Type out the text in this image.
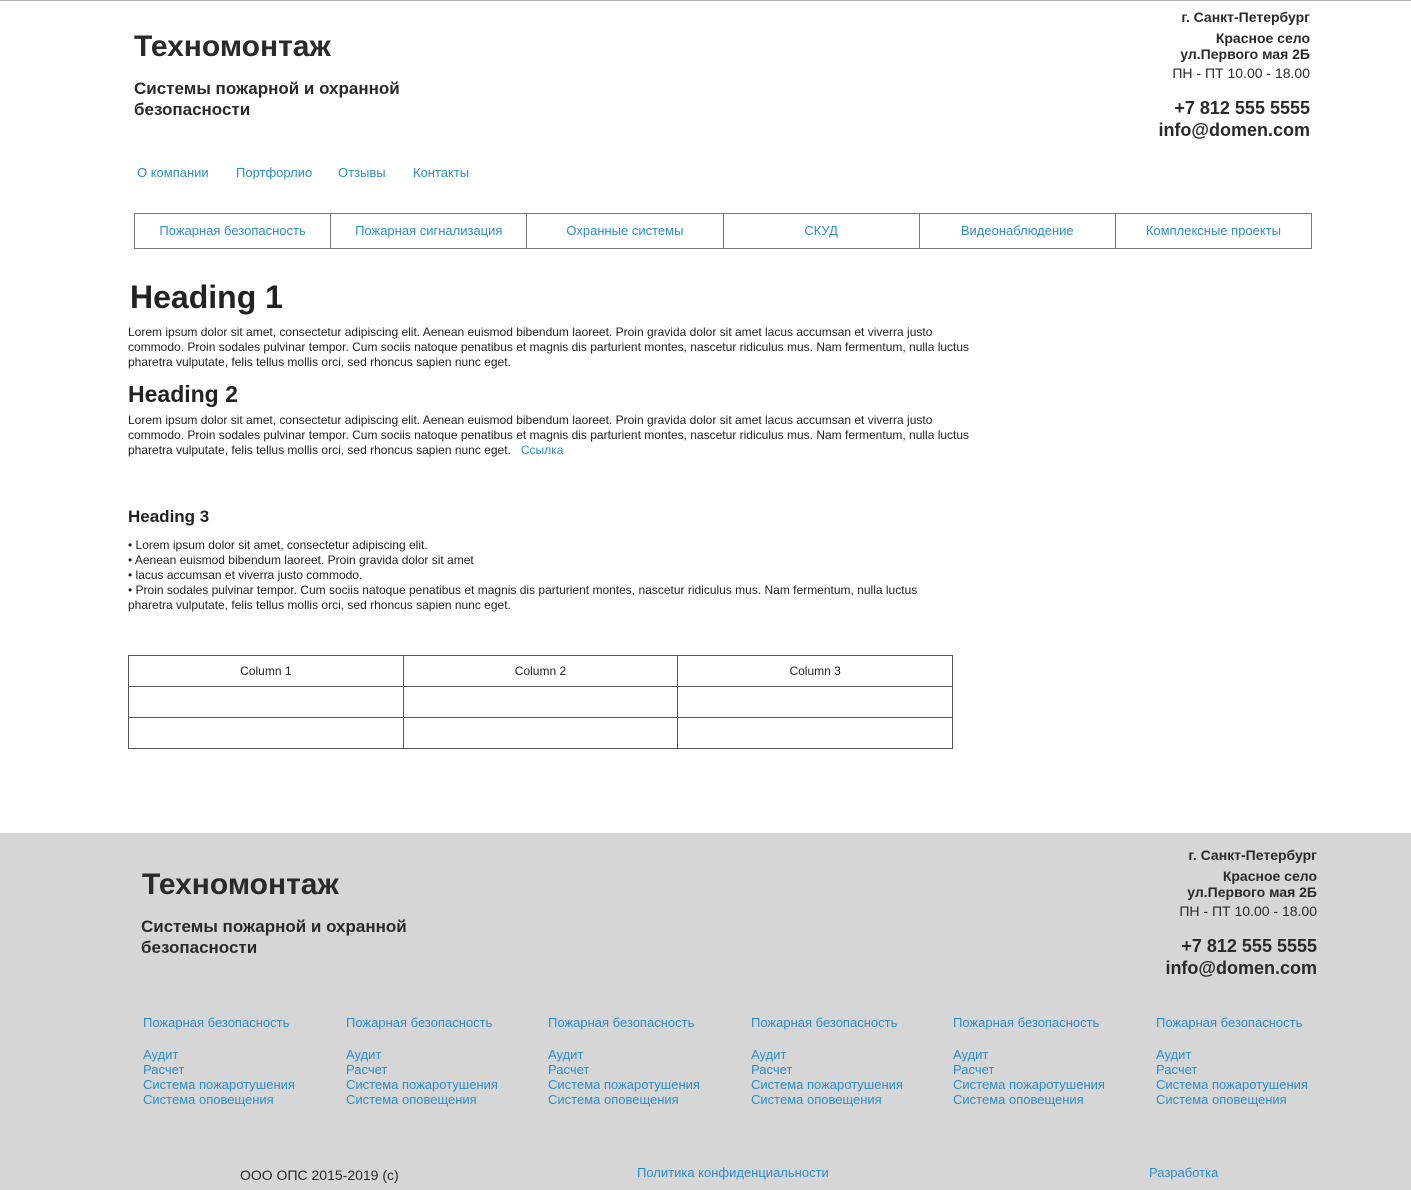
Техномонтаж
Системы пожарной и охранной безопасности
г. Санкт-Петербург
Красное село
ул.Первого мая 2Б
ПН - ПТ 10.00 - 18.00
+7 812 555 5555
info@domen.com
О компании Портфорлио Отзывы Контакты
Пожарная безопасность	Пожарная сигнализация	Охранные системы	СКУД	Видеонаблюдение	Комплексные проекты
Heading 1
Lorem ipsum dolor sit amet, consectetur adipiscing elit. Aenean euismod bibendum laoreet. Proin gravida dolor sit amet lacus accumsan et viverra justo commodo. Proin sodales pulvinar tempor. Cum sociis natoque penatibus et magnis dis parturient montes, nascetur ridiculus mus. Nam fermentum, nulla luctus pharetra vulputate, felis tellus mollis orci, sed rhoncus sapien nunc eget.
Heading 2
Lorem ipsum dolor sit amet, consectetur adipiscing elit. Aenean euismod bibendum laoreet. Proin gravida dolor sit amet lacus accumsan et viverra justo commodo. Proin sodales pulvinar tempor. Cum sociis natoque penatibus et magnis dis parturient montes, nascetur ridiculus mus. Nam fermentum, nulla luctus pharetra vulputate, felis tellus mollis orci, sed rhoncus sapien nunc eget. Ссылка
Heading 3
• Lorem ipsum dolor sit amet, consectetur adipiscing elit.
• Aenean euismod bibendum laoreet. Proin gravida dolor sit amet
• lacus accumsan et viverra justo commodo.
• Proin sodales pulvinar tempor. Cum sociis natoque penatibus et magnis dis parturient montes, nascetur ridiculus mus. Nam fermentum, nulla luctus pharetra vulputate, felis tellus mollis orci, sed rhoncus sapien nunc eget.
Column 1	Column 2	Column 3

Техномонтаж
Системы пожарной и охранной безопасности
г. Санкт-Петербург
Красное село
ул.Первого мая 2Б
ПН - ПТ 10.00 - 18.00
+7 812 555 5555
info@domen.com
Пожарная безопасность
Аудит
Расчет
Система пожаротушения
Система оповещения
Пожарная безопасность
Аудит
Расчет
Система пожаротушения
Система оповещения
Пожарная безопасность
Аудит
Расчет
Система пожаротушения
Система оповещения
Пожарная безопасность
Аудит
Расчет
Система пожаротушения
Система оповещения
Пожарная безопасность
Аудит
Расчет
Система пожаротушения
Система оповещения
Пожарная безопасность
Аудит
Расчет
Система пожаротушения
Система оповещения
ООО ОПС 2015-2019 (c)	Политика конфиденциальности	Разработка
